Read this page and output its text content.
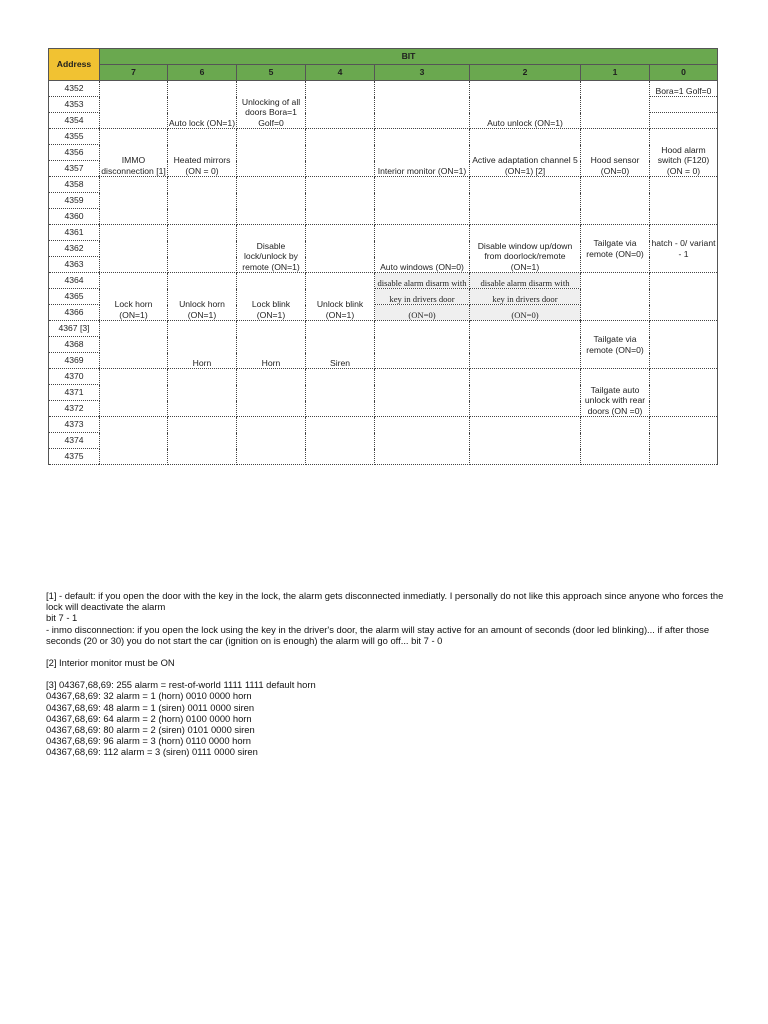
Address	BIT							
	7	6	5	4	3	2	1	0
4352		Auto lock (ON=1)	Unlocking of all doors Bora=1 Golf=0			Auto unlock (ON=1)		Bora=1 Golf=0
4353								
4354								
4355	IMMO disconnection [1]	Heated mirrors (ON = 0)			Interior monitor (ON=1)	Active adaptation channel 5 (ON=1) [2]	Hood sensor (ON=0)	Hood alarm switch (F120) (ON = 0)
4356								
4357								
4358								
4359								
4360								
4361			Disable lock/unlock by remote (ON=1)		Auto windows (ON=0)	Disable window up/down from doorlock/remote (ON=1)	Tailgate via remote (ON=0)	hatch - 0/ variant - 1
4362								
4363								
4364	Lock horn (ON=1)	Unlock horn (ON=1)	Lock blink (ON=1)	Unlock blink (ON=1)	disable alarm disarm with	disable alarm disarm with		
4365					key in drivers door	key in drivers door		
4366					(ON=0)	(ON=0)		
4367 [3]		Horn	Horn	Siren			Tailgate via remote (ON=0)	
4368								
4369								
4370							Tailgate auto unlock with rear doors (ON =0)	
4371								
4372								
4373								
4374								
4375								

[1] - default: if you open the door with the key in the lock, the alarm gets disconnected inmediatly. I personally do not like this approach since anyone who forces the lock will deactivate the alarm

bit 7 - 1

- inmo disconnection: if you open the lock using the key in the driver's door, the alarm will stay active for an amount of seconds (door led blinking)... if after those seconds (20 or 30) you do not start the car (ignition on is enough) the alarm will go off... bit 7 - 0

[2] Interior monitor must be ON

[3] 04367,68,69: 255 alarm = rest-of-world 1111 1111 default horn

04367,68,69: 32 alarm = 1 (horn) 0010 0000 horn

04367,68,69: 48 alarm = 1 (siren) 0011 0000 siren

04367,68,69: 64 alarm = 2 (horn) 0100 0000 horn

04367,68,69: 80 alarm = 2 (siren) 0101 0000 siren

04367,68,69: 96 alarm = 3 (horn) 0110 0000 horn

04367,68,69: 112 alarm = 3 (siren) 0111 0000 siren
